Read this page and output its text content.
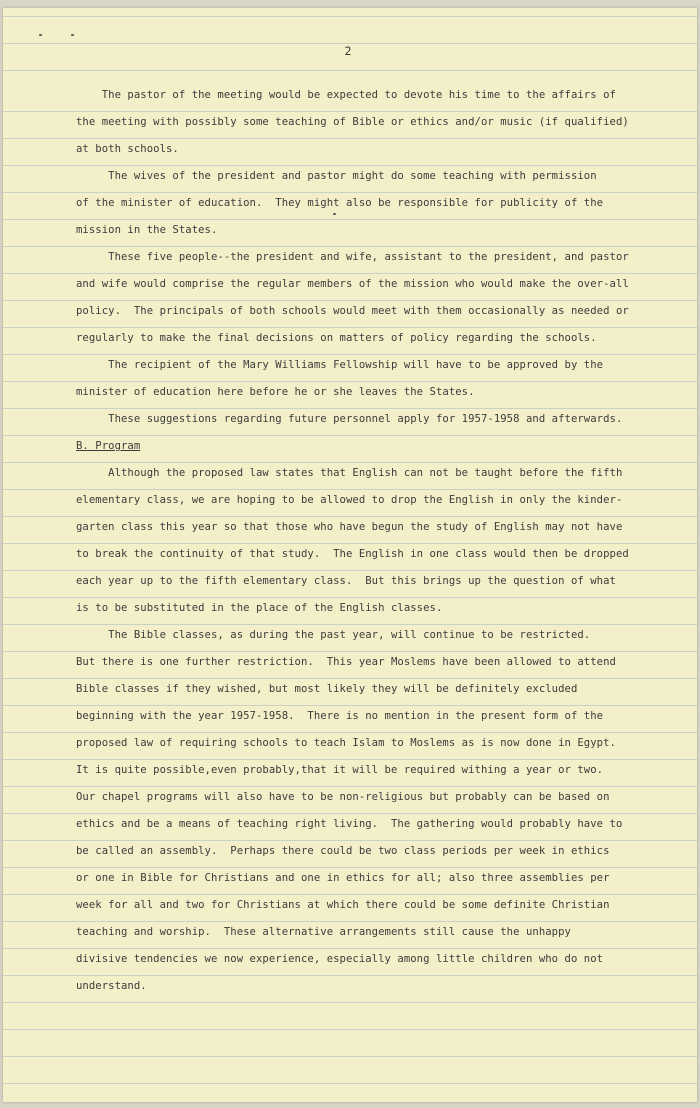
2
The pastor of the meeting would be expected to devote his time to the affairs of
the meeting with possibly some teaching of Bible or ethics and/or music (if qualified)
at both schools.
The wives of the president and pastor might do some teaching with permission
of the minister of education.  They might also be responsible for publicity of the
mission in the States.
These five people--the president and wife, assistant to the president, and pastor
and wife would comprise the regular members of the mission who would make the over-all
policy.  The principals of both schools would meet with them occasionally as needed or
regularly to make the final decisions on matters of policy regarding the schools.
The recipient of the Mary Williams Fellowship will have to be approved by the
minister of education here before he or she leaves the States.
These suggestions regarding future personnel apply for 1957-1958 and afterwards.
B. Program
Although the proposed law states that English can not be taught before the fifth
elementary class, we are hoping to be allowed to drop the English in only the kinder-
garten class this year so that those who have begun the study of English may not have
to break the continuity of that study.  The English in one class would then be dropped
each year up to the fifth elementary class.  But this brings up the question of what
is to be substituted in the place of the English classes.
The Bible classes, as during the past year, will continue to be restricted.
But there is one further restriction.  This year Moslems have been allowed to attend
Bible classes if they wished, but most likely they will be definitely excluded
beginning with the year 1957-1958.  There is no mention in the present form of the
proposed law of requiring schools to teach Islam to Moslems as is now done in Egypt.
It is quite possible,even probably,that it will be required withing a year or two.
Our chapel programs will also have to be non-religious but probably can be based on
ethics and be a means of teaching right living.  The gathering would probably have to
be called an assembly.  Perhaps there could be two class periods per week in ethics
or one in Bible for Christians and one in ethics for all; also three assemblies per
week for all and two for Christians at which there could be some definite Christian
teaching and worship.  These alternative arrangements still cause the unhappy
divisive tendencies we now experience, especially among little children who do not
understand.
